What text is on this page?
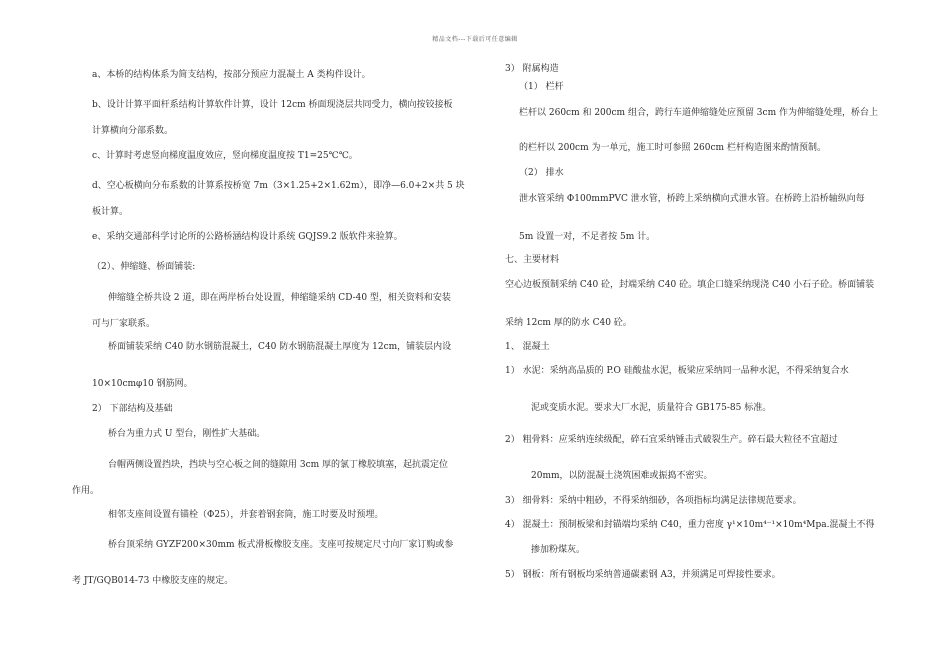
精品文档---下载后可任意编辑
a、本桥的结构体系为简支结构，按部分预应力混凝土 A 类构件设计。
b、设计计算平面杆系结构计算软件计算，设计 12cm 桥面现浇层共同受力，横向按铰接板
计算横向分部系数。
c、计算时考虑竖向梯度温度效应，竖向梯度温度按 T1=25℃℃。
d、空心板横向分布系数的计算系按桥宽 7m（3×1.25+2×1.62m），即净—6.0+2×共 5 块
板计算。
e、采纳交通部科学讨论所的公路桥涵结构设计系统 GQJS9.2 版软件来验算。
（2）、伸缩缝、桥面铺装:
伸缩缝全桥共设 2 道，即在两岸桥台处设置，伸缩缝采纳 CD-40 型，相关资料和安装
可与厂家联系。
桥面铺装采纳 C40 防水钢筋混凝土，C40 防水钢筋混凝土厚度为 12cm，铺装层内设
10×10cmφ10 钢筋网。
2） 下部结构及基础
桥台为重力式 U 型台，刚性扩大基础。
台帽两侧设置挡块，挡块与空心板之间的缝隙用 3cm 厚的氯丁橡胶填塞，起抗震定位
作用。
相邻支座间设置有锚栓（Φ25），并套着钢套筒，施工时要及时预埋。
桥台顶采纳 GYZF200×30mm 板式滑板橡胶支座。支座可按规定尺寸向厂家订购或参
考 JT/GQB014-73 中橡胶支座的规定。
3） 附属构造
（1） 栏杆
栏杆以 260cm 和 200cm 组合，跨行车道伸缩缝处应预留 3cm 作为伸缩缝处理，桥台上
的栏杆以 200cm 为一单元，施工时可参照 260cm 栏杆构造图来酌情预制。
（2） 排水
泄水管采纳 Φ100mmPVC 泄水管，桥跨上采纳横向式泄水管。在桥跨上沿桥轴纵向每
5m 设置一对，不足者按 5m 计。
七、主要材料
空心边板预制采纳 C40 砼，封端采纳 C40 砼。填企口缝采纳现浇 C40 小石子砼。桥面铺装
采纳 12cm 厚的防水 C40 砼。
1、 混凝土
1） 水泥：采纳高品质的 P.O 硅酸盐水泥，板梁应采纳同一品种水泥，不得采纳复合水
泥或变质水泥。要求大厂水泥，质量符合 GB175-85 标准。
2） 粗骨料：应采纳连续级配，碎石宜采纳锤击式破裂生产。碎石最大粒径不宜超过
20mm，以防混凝土浇筑困难或振捣不密实。
3） 细骨料：采纳中粗砂，不得采纳细砂，各项指标均满足法律规范要求。
4） 混凝土：预制板梁和封锚端均采纳 C40，重力密度 γ¹×10m⁴⁻¹×10m⁴Mpa.混凝土不得
掺加粉煤灰。
5） 钢板：所有钢板均采纳普通碳素钢 A3，并须满足可焊接性要求。
